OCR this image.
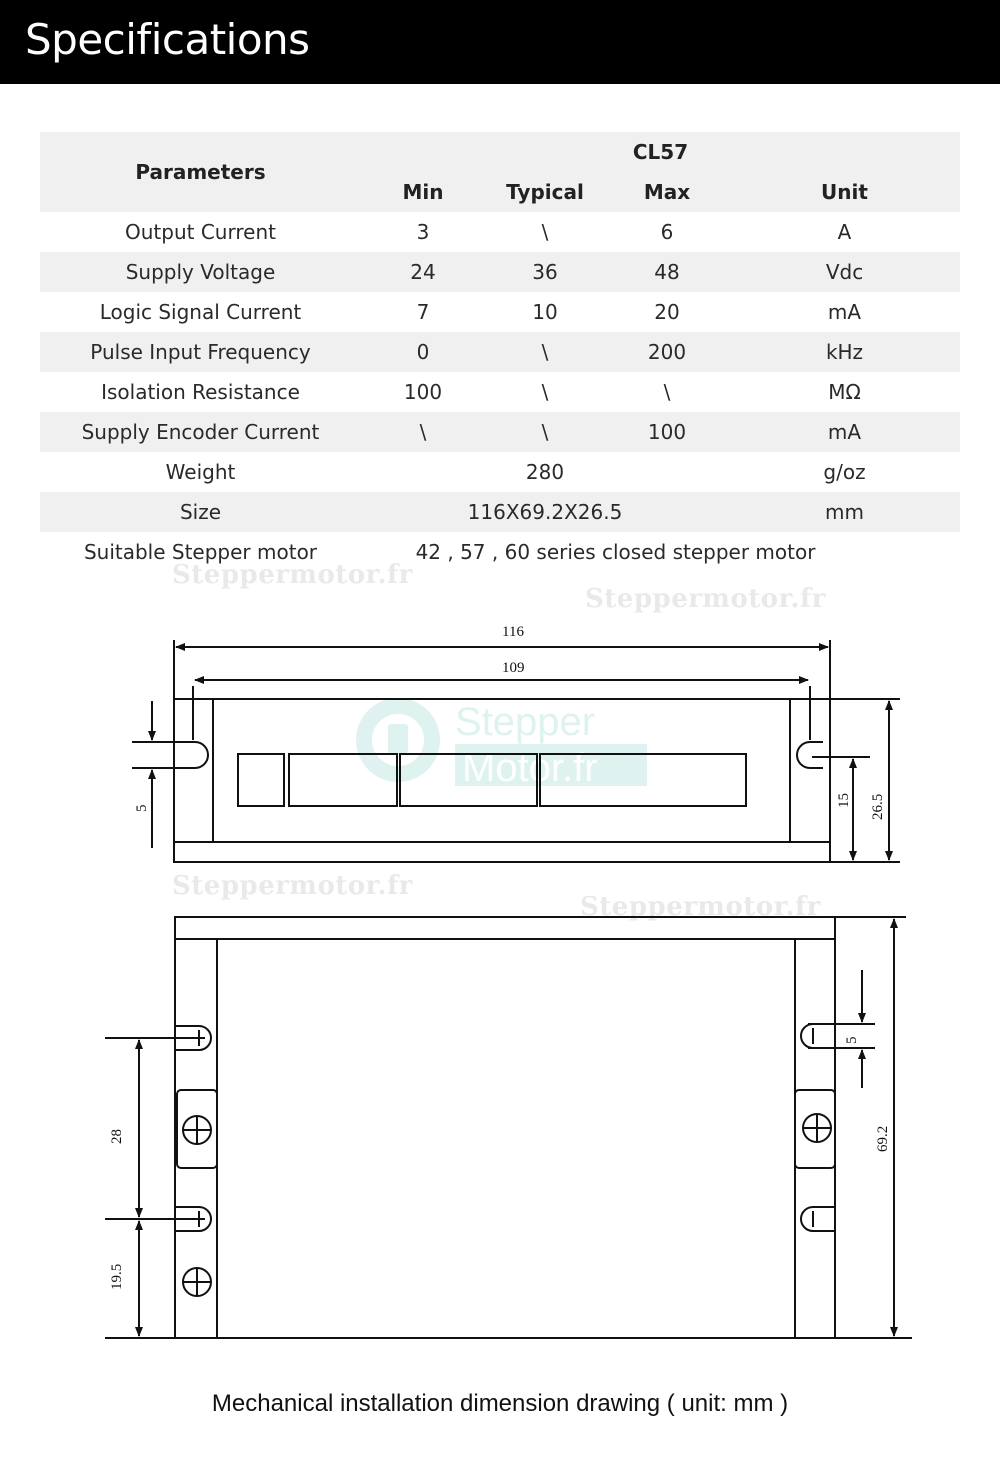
Specifications
Parameters	CL57			
	Min	Typical	Max	Unit
Output Current	3	\	6	A
Supply Voltage	24	36	48	Vdc
Logic Signal Current	7	10	20	mA
Pulse Input Frequency	0	\	200	kHz
Isolation Resistance	100	\	\	MΩ
Supply Encoder Current	\	\	100	mA
Weight	280			g/oz
Size	116X69.2X26.5			mm
Suitable Stepper motor	42 , 57 , 60 series closed stepper motor			
Steppermotor.fr
Steppermotor.fr
Steppermotor.fr
Steppermotor.fr
Stepper
Motor.fr
116
109
5
15 26.5
28
19.5
5
69.2
Mechanical installation dimension drawing ( unit: mm )
